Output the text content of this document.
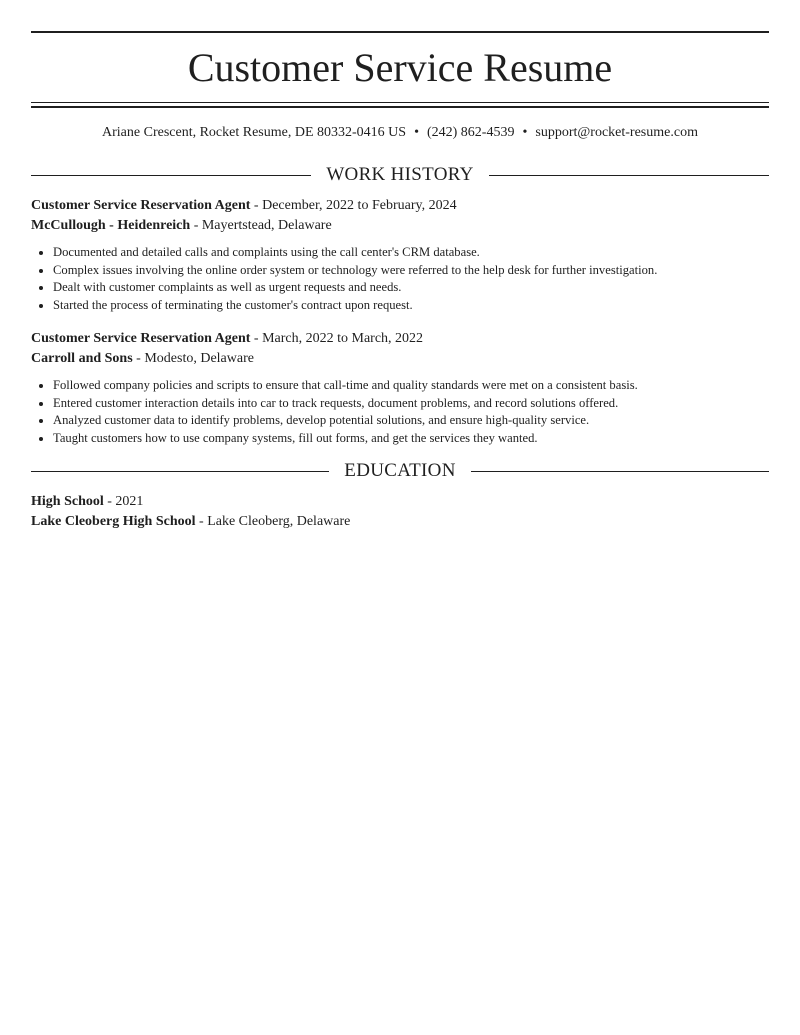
Customer Service Resume
Ariane Crescent, Rocket Resume, DE 80332-0416 US • (242) 862-4539 • support@rocket-resume.com
WORK HISTORY
Customer Service Reservation Agent - December, 2022 to February, 2024
McCullough - Heidenreich - Mayertstead, Delaware
• Documented and detailed calls and complaints using the call center's CRM database.
• Complex issues involving the online order system or technology were referred to the help desk for further investigation.
• Dealt with customer complaints as well as urgent requests and needs.
• Started the process of terminating the customer's contract upon request.
Customer Service Reservation Agent - March, 2022 to March, 2022
Carroll and Sons - Modesto, Delaware
• Followed company policies and scripts to ensure that call-time and quality standards were met on a consistent basis.
• Entered customer interaction details into car to track requests, document problems, and record solutions offered.
• Analyzed customer data to identify problems, develop potential solutions, and ensure high-quality service.
• Taught customers how to use company systems, fill out forms, and get the services they wanted.
EDUCATION
High School - 2021
Lake Cleoberg High School - Lake Cleoberg, Delaware
